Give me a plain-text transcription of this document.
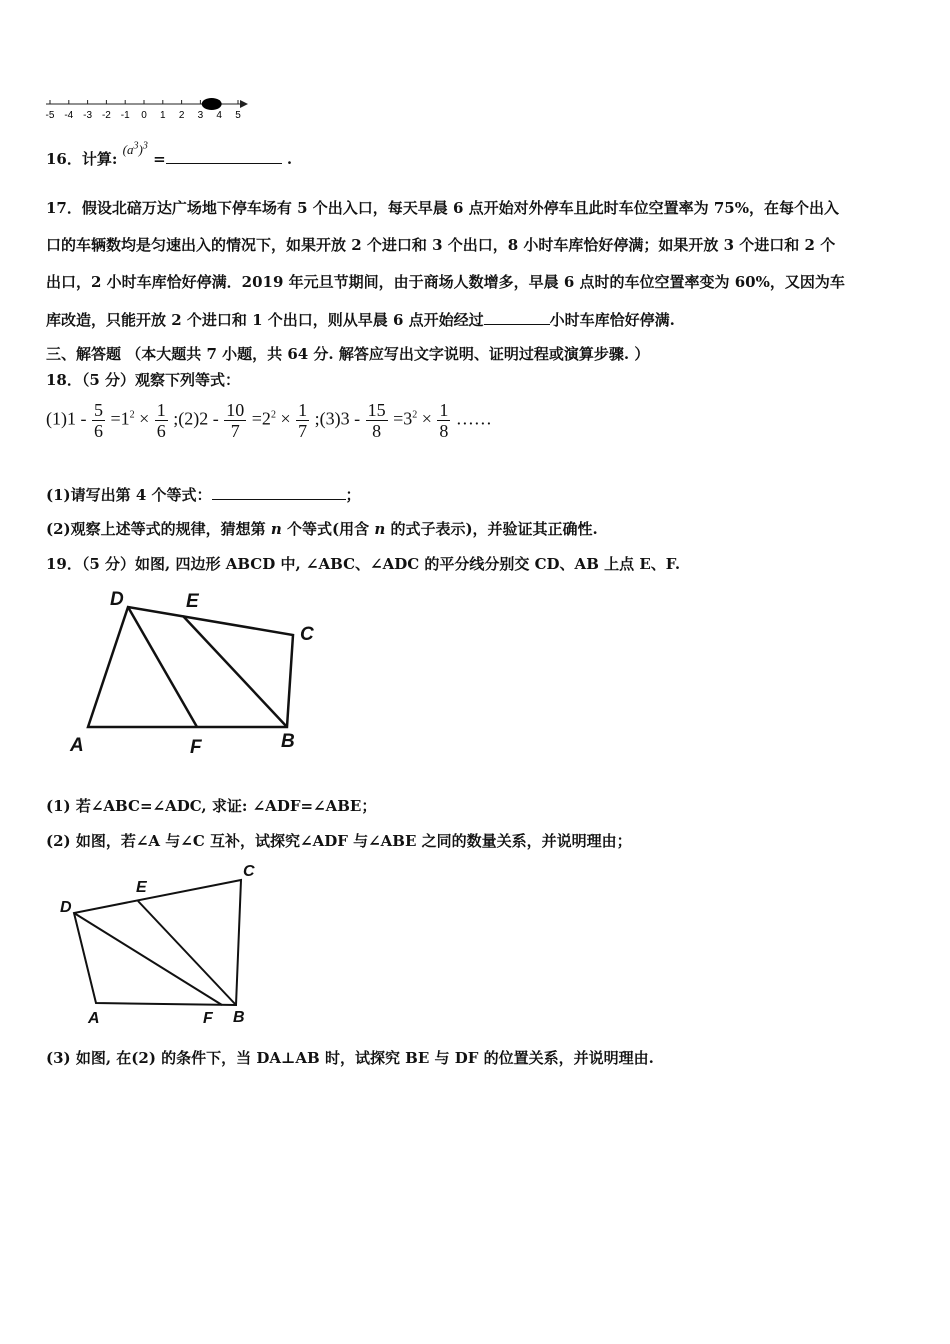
-5 -4 -3 -2 -1 0 1 2 3 4 5
16．计算: $(a^3)^3$ =	.
17．假设北碚万达广场地下停车场有 5 个出入口，每天早晨 6 点开始对外停车且此时车位空置率为 75%，在每个出入
口的车辆数均是匀速出入的情况下，如果开放 2 个进口和 3 个出口，8 小时车库恰好停满；如果开放 3 个进口和 2 个
出口，2 小时车库恰好停满．2019 年元旦节期间，由于商场人数增多，早晨 6 点时的车位空置率变为 60%，又因为车
库改造，只能开放 2 个进口和 1 个出口，则从早晨 6 点开始经过	小时车库恰好停满.
三、解答题 （本大题共 7 小题，共 64 分. 解答应写出文字说明、证明过程或演算步骤. ）
18．（5 分）观察下列等式：
$(1)1 - \frac{5}{6} =1^2 \times \frac{1}{6}$ ;(2)2 - $\frac{10}{7} =2^2 \times \frac{1}{7}$ ;(3)3 - $\frac{15}{8} =3^2 \times \frac{1}{8}$ ……
(1)请写出第 4 个等式：	；
(2)观察上述等式的规律，猜想第 n 个等式(用含 n 的式子表示)，并验证其正确性.
19．（5 分）如图, 四边形 ABCD 中, ∠ABC、∠ADC 的平分线分别交 CD、AB 上点 E、F.
D	E
C
A	F	B
(1) 若∠ABC=∠ADC, 求证: ∠ADF=∠ABE；
(2) 如图，若∠A 与∠C 互补，试探究∠ADF 与∠ABE 之同的数量关系，并说明理由；
D
E
C
A	F B
(3) 如图, 在(2) 的条件下，当 DA⊥AB 时，试探究 BE 与 DF 的位置关系，并说明理由.
